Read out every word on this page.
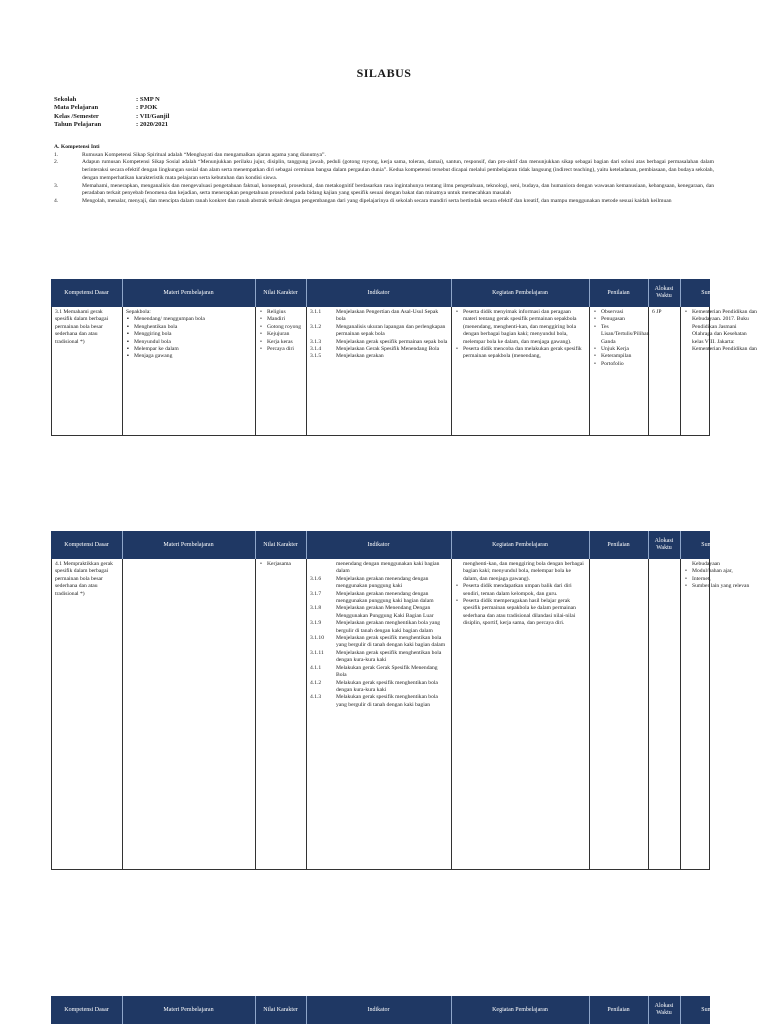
SILABUS
Sekolah	: SMP N
Mata Pelajaran	: PJOK
Kelas /Semester	: VII/Ganjil
Tahun Pelajaran	: 2020/2021
A. Kompetensi Inti
1.	Rumusan Kompetensi Sikap Spiritual adalah “Menghayati dan mengamalkan ajaran agama yang dianutnya”.
2.	Adapun rumusan Kompetensi Sikap Sosial adalah “Menunjukkan perilaku jujur, disiplin, tanggung jawab, peduli (gotong royong, kerja sama, toleran, damai), santun, responsif, dan pro-aktif dan menunjukkan sikap sebagai bagian dari solusi atas berbagai permasalahan dalam berinteraksi secara efektif dengan lingkungan sosial dan alam serta menempatkan diri sebagai cerminan bangsa dalam pergaulan dunia”. Kedua kompetensi tersebut dicapai melalui pembelajaran tidak langsung (indirect teaching), yaitu keteladanan, pembiasaan, dan budaya sekolah, dengan memperhatikan karakteristik mata pelajaran serta kebutuhan dan kondisi siswa.
3.	Memahami, menerapkan, menganalisis dan mengevaluasi pengetahuan faktual, konseptual, prosedural, dan metakognitif berdasarkan rasa ingintahunya tentang ilmu pengetahuan, teknologi, seni, budaya, dan humaniora dengan wawasan kemanusiaan, kebangsaan, kenegaraan, dan peradaban terkait penyebab fenomena dan kejadian, serta menerapkan pengetahuan prosedural pada bidang kajian yang spesifik sesuai dengan bakat dan minatnya untuk memecahkan masalah
4.	Mengolah, menalar, menyaji, dan mencipta dalam ranah konkret dan ranah abstrak terkait dengan pengembangan dari yang dipelajarinya di sekolah secara mandiri serta bertindak secara efektif dan kreatif, dan mampu menggunakan metode sesuai kaidah keilmuan
Kompetensi Dasar	Materi Pembelajaran	Nilai Karakter	Indikator	Kegiatan Pembelajaran	Penilaian
Alokasi Waktu
Sumber Belajar
3.1 Memahami gerak spesifik dalam berbagai permainan bola besar sederhana dan atau tradisional *)
Sepakbola:
▪ Menendang/ menggumpan bola
▪ Menghentikan bola
▪ Menggiring bola
▪ Menyundul bola
▪ Melempar ke dalam
▪ Menjaga gawang
• Religius
• Mandiri
• Gotong royong
• Kejujuran
• Kerja keras
• Percaya diri
3.1.1	Menjelaskan Pengertian dan Asal-Usul Sepak bola
3.1.2	Menganalisis ukuran lapangan dan perlengkapan permainan sepak bola
3.1.3	Menjelaskan gerak spesifik permainan sepak bola
3.1.4	Menjelaskan Gerak Spesifik Menendang Bola
3.1.5	Menjelaskan gerakan
• Peserta didik menyimak informasi dan peragaan materi tentang gerak spesifik permainan sepakbola (menendang, menghenti-kan, dan menggiring bola dengan berbagai bagian kaki; menyundul bola, melempar bola ke dalam, dan menjaga gawang).
• Peserta didik mencoba dan melakukan gerak spesifik permainan sepakbola (menendang,
• Observasi
• Penugasan
• Tes Lisan/Tertulis/Pilihan Ganda
• Unjuk Kerja
• Keterampilan
• Portofolio
6 JP
•	Kementerian Pendidikan dan Kebudayaan. 2017. Buku Pendidikan Jasmani Olahraga dan Kesehatan kelas VIII. Jakarta: Kementerian Pendidikan dan
Kompetensi Dasar	Materi Pembelajaran	Nilai Karakter	Indikator	Kegiatan Pembelajaran	Penilaian
Alokasi Waktu
Sumber Belajar
4.1 Mempraktikkan gerak spesifik dalam berbagai permainan bola besar sederhana dan atau tradisional *)
• Kerjasama	menendang dengan menggunakan kaki bagian dalam
3.1.6	Menjelaskan gerakan menendang dengan menggunakan punggung kaki
3.1.7	Menjelaskan gerakan menendang dengan menggunakan punggung kaki bagian dalam
3.1.8	Menjelaskan gerakan Menendang Dengan Menggunakan Punggung Kaki Bagian Luar
3.1.9	Menjelaskan gerakan menghentikan bola yang bergulir di tanah dengan kaki bagian dalam
3.1.10	Menjelaskan gerak spesifik menghentikan bola yang bergulir di tanah dengan kaki bagian dalam
3.1.11	Menjelaskan gerak spesifik menghentikan bola dengan kura-kura kaki
4.1.1	Melakukan gerak Gerak Spesifik Menendang Bola
4.1.2	Melakukan gerak spesifik menghentikan bola dengan kura-kura kaki
4.1.3	Melakukan gerak spesifik menghentikan bola yang bergulir di tanah dengan kaki bagian
menghenti-kan, dan menggiring bola dengan berbagai bagian kaki; menyundul bola, melempar bola ke dalam, dan menjaga gawang).
• Peserta didik mendapatkan umpan balik dari diri sendiri, teman dalam kelompok, dan guru.
• Peserta didik memperagakan hasil belajar gerak spesifik permainan sepakbola ke dalam permainan sederhana dan atau tradisional dilandasi nilai-nilai disiplin, sportif, kerja sama, dan percaya diri.
Kebudayaan
• Modul/bahan ajar,
• Internet,
• Sumber lain yang relevan
Kompetensi Dasar	Materi Pembelajaran	Nilai Karakter	Indikator	Kegiatan Pembelajaran	Penilaian
Alokasi Waktu
Sumber Belajar
